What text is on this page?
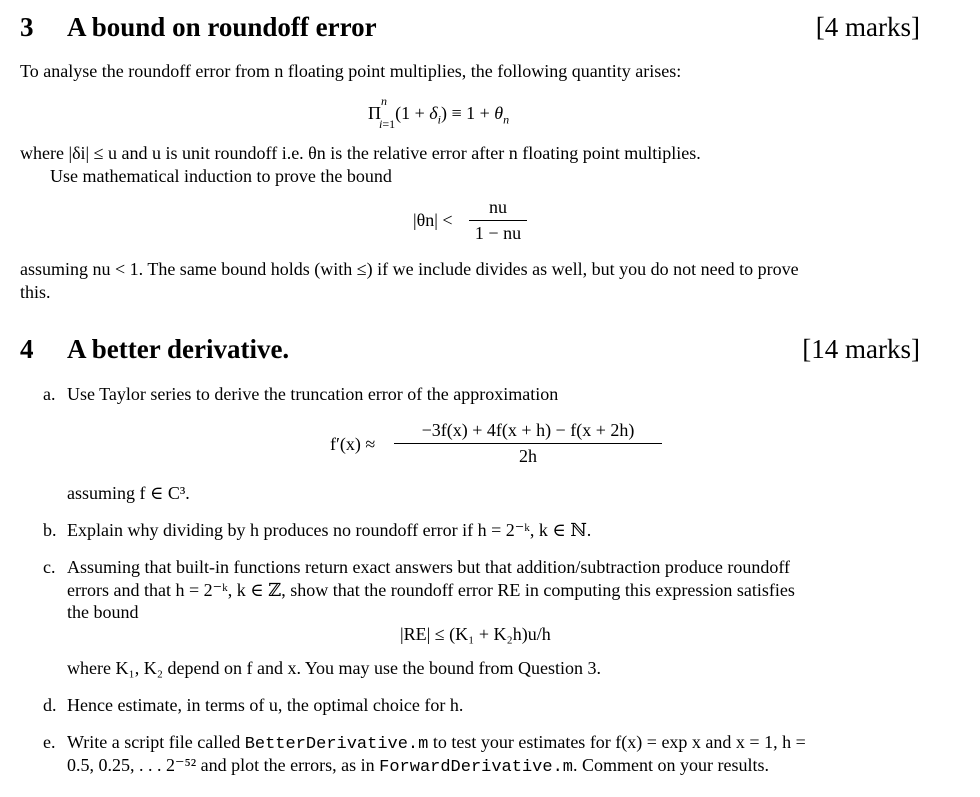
3 A bound on roundoff error	[4 marks]
To analyse the roundoff error from n floating point multiplies, the following quantity arises:
$\Pi^n_{i=1}(1 + \delta_i) \equiv 1 + \theta_n$
where |δi| ≤ u and u is unit roundoff i.e. θn is the relative error after n floating point multiplies.
Use mathematical induction to prove the bound
|θn| <
nu
1 − nu
assuming nu < 1. The same bound holds (with ≤) if we include divides as well, but you do not need to prove
this.
4 A better derivative.	[14 marks]
a. Use Taylor series to derive the truncation error of the approximation
f′(x) ≈
−3f(x) + 4f(x + h) − f(x + 2h)
2h
assuming f ∈ C³.
b. Explain why dividing by h produces no roundoff error if h = 2⁻ᵏ, k ∈ ℕ.
c. Assuming that built-in functions return exact answers but that addition/subtraction produce roundoff
errors and that h = 2⁻ᵏ, k ∈ ℤ, show that the roundoff error RE in computing this expression satisfies
the bound
|RE| ≤ (K₁ + K₂h)u/h
where K₁, K₂ depend on f and x. You may use the bound from Question 3.
d. Hence estimate, in terms of u, the optimal choice for h.
e. Write a script file called BetterDerivative.m to test your estimates for f(x) = exp x and x = 1, h =
0.5, 0.25, . . . 2⁻⁵² and plot the errors, as in ForwardDerivative.m. Comment on your results.
